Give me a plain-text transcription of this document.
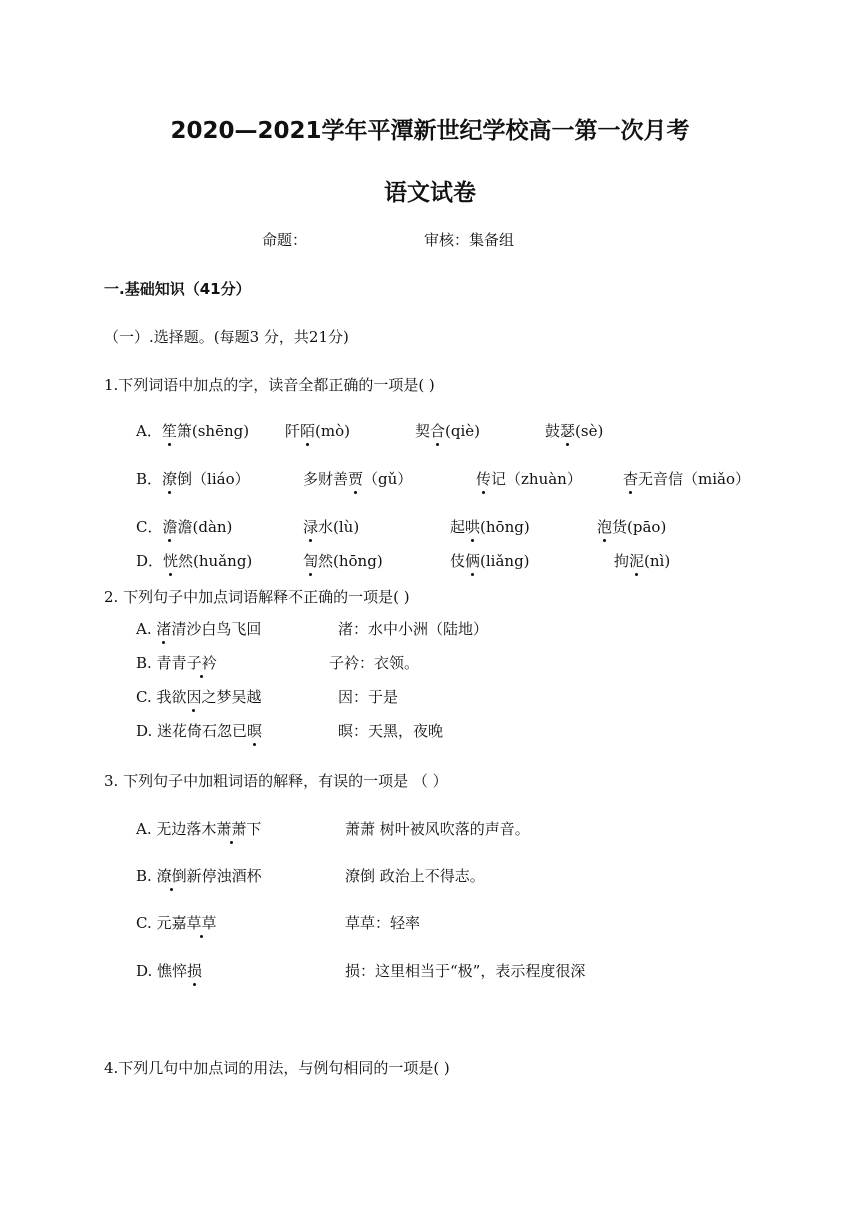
2020—2021学年平潭新世纪学校高一第一次月考
语文试卷
命题：	审核：集备组
一.基础知识（41分）
（一）.选择题。(每题3 分，共21分)
1.下列词语中加点的字，读音全都正确的一项是( )
A．笙箫(shēng) 阡陌(mò)	契合(qiè)	鼓瑟(sè)
B．潦倒（liáo）	多财善贾（gǔ）	传记（zhuàn）	杳无音信（miǎo）
C．澹澹(dàn)	渌水(lù)	起哄(hōng)	泡货(pāo)
D．恍然(huǎng)	訇然(hōng)	伎俩(liǎng)	拘泥(nì)
2. 下列句子中加点词语解释不正确的一项是( )
A. 渚清沙白鸟飞回	渚：水中小洲（陆地）
B. 青青子衿	子衿：衣领。
C. 我欲因之梦吴越	因：于是
D. 迷花倚石忽已暝	暝：天黑，夜晚
3. 下列句子中加粗词语的解释，有误的一项是 （ ）
A. 无边落木萧萧下	萧萧 树叶被风吹落的声音。
B. 潦倒新停浊酒杯	潦倒 政治上不得志。
C. 元嘉草草	草草：轻率
D. 憔悴损	损：这里相当于“极”，表示程度很深
4.下列几句中加点词的用法，与例句相同的一项是( )
